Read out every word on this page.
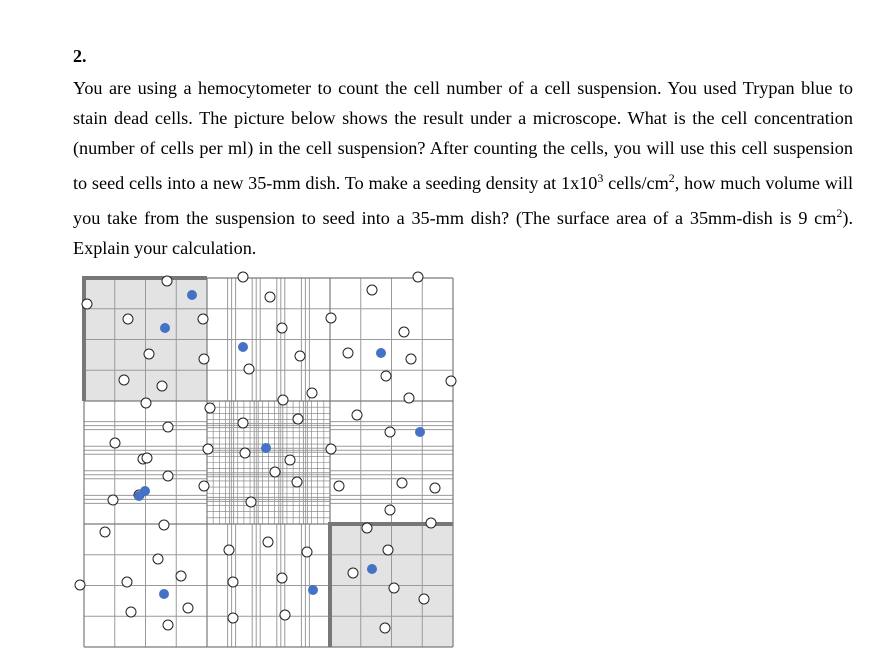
2.

You are using a hemocytometer to count the cell number of a cell suspension. You used Trypan blue to stain dead cells. The picture below shows the result under a microscope. What is the cell concentration (number of cells per ml) in the cell suspension? After counting the cells, you will use this cell suspension to seed cells into a new 35-mm dish. To make a seeding density at $1x10^3$ cells/$cm^2$, how much volume will you take from the suspension to seed into a 35-mm dish? (The surface area of a 35mm-dish is 9 $cm^2$). Explain your calculation.
